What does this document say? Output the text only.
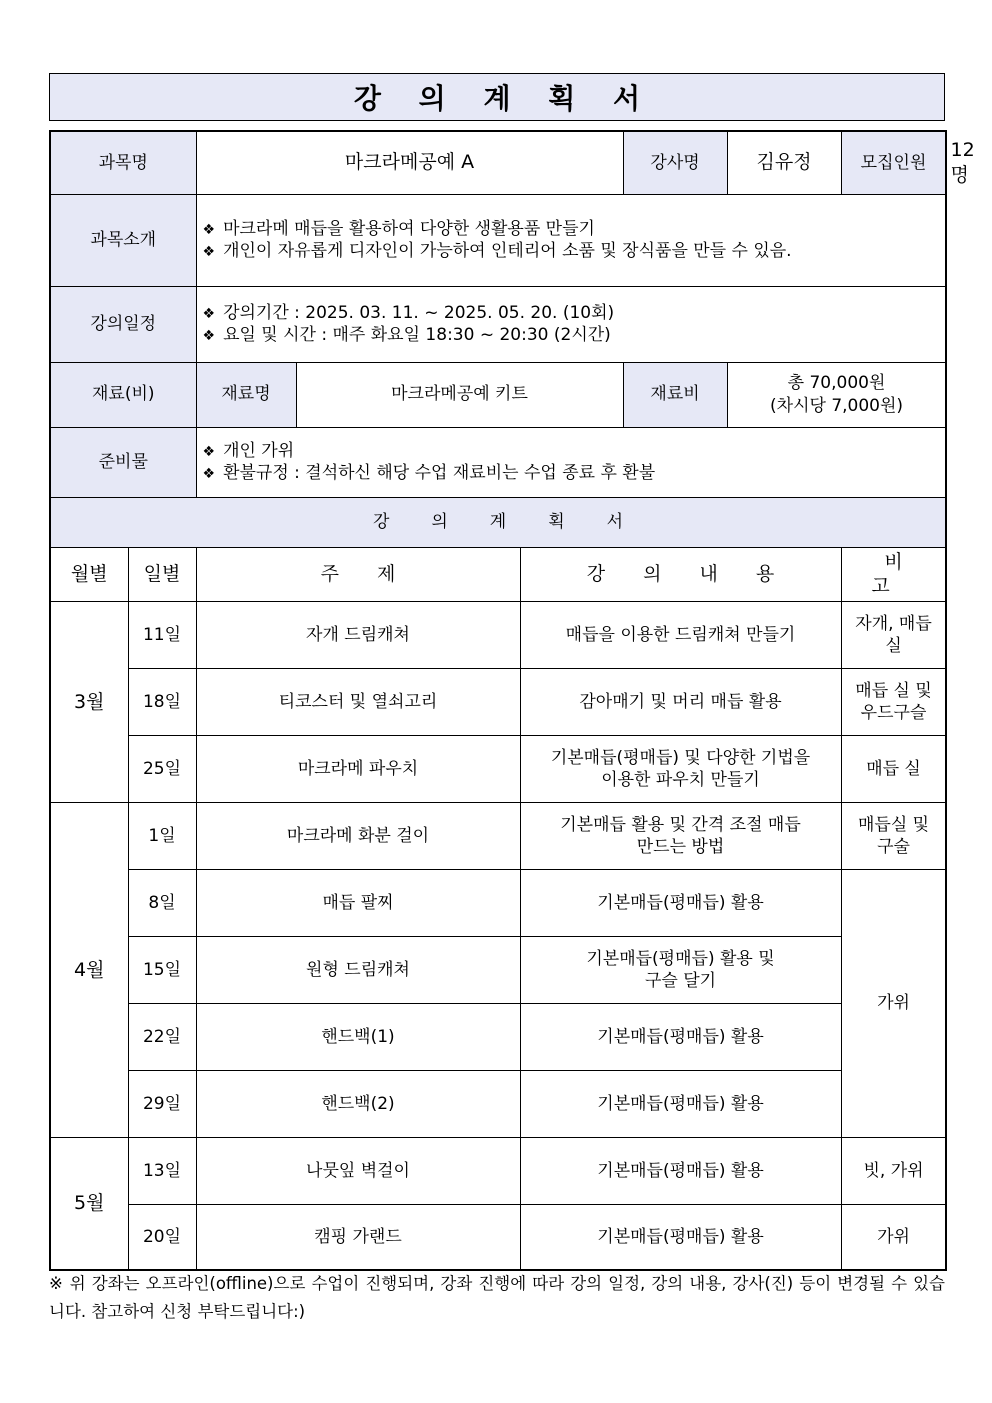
강 의 계 획 서
과목명		마크라메공예 A			강사명	김유정	모집인원	12명
과목소개		❖ 마크라메 매듭을 활용하여 다양한 생활용품 만들기
❖ 개인이 자유롭게 디자인이 가능하여 인테리어 소품 및 장식품을 만들 수 있음.						

강의일정		❖ 강의기간 : 2025. 03. 11. ~ 2025. 05. 20. (10회)
❖ 요일 및 시간 : 매주 화요일 18:30 ~ 20:30 (2시간)						

재료(비)		재료명	마크라메공예 키트		재료비	총 70,000원
(차시당 7,000원)		

준비물		❖ 개인 가위
❖ 환불규정 : 결석하신 해당 수업 재료비는 수업 종료 후 환불						

강의계획서								
월별	일별	주제		강의내용			비고	
3월	11일	자개 드림캐쳐		매듭을 이용한 드림캐쳐 만들기			자개, 매듭
실	

	18일	티코스터 및 열쇠고리		감아매기 및 머리 매듭 활용			매듭 실 및
우드구슬	

	25일	마크라메 파우치		기본매듭(평매듭) 및 다양한 기법을
이용한 파우치 만들기			매듭 실	

4월	1일	마크라메 화분 걸이		기본매듭 활용 및 간격 조절 매듭
만드는 방법			매듭실 및
구술	

	8일	매듭 팔찌		기본매듭(평매듭) 활용			가위	
	15일	원형 드림캐쳐		기본매듭(평매듭) 활용 및
구슬 달기				

	22일	핸드백(1)		기본매듭(평매듭) 활용				

	29일	핸드백(2)		기본매듭(평매듭) 활용				

5월	13일	나뭇잎 벽걸이		기본매듭(평매듭) 활용			빗, 가위	

	20일	캠핑 가랜드		기본매듭(평매듭) 활용			가위	
※ 위 강좌는 오프라인(offline)으로 수업이 진행되며, 강좌 진행에 따라 강의 일정, 강의 내용, 강사(진) 등이 변경될 수 있습니다. 참고하여 신청 부탁드립니다:)
